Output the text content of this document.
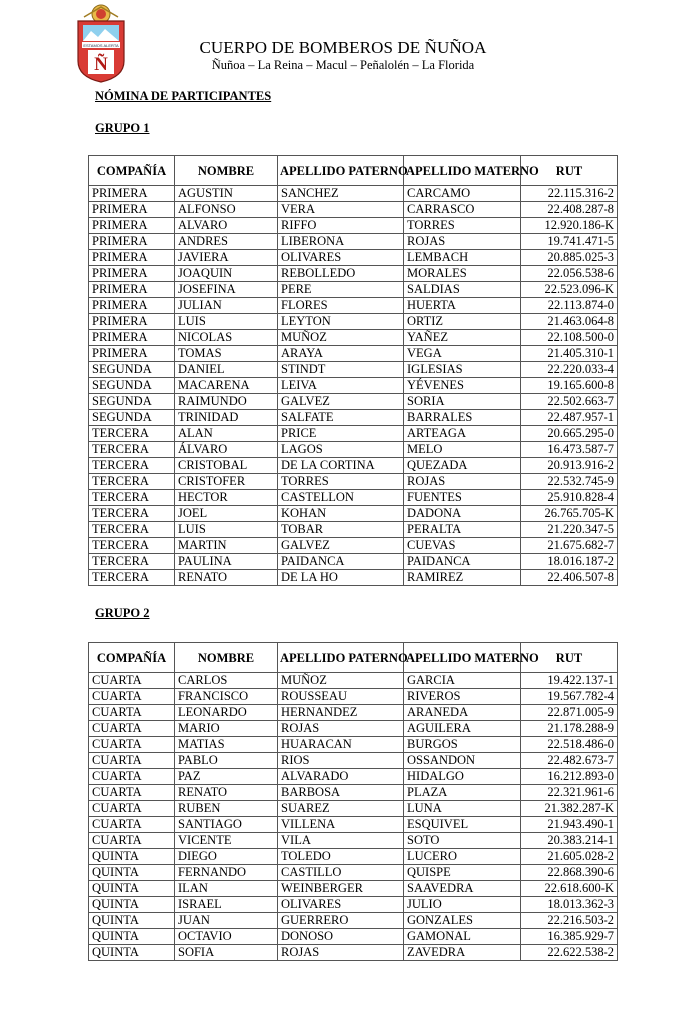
ESTAMOS ALERTA
Ñ
CUERPO DE BOMBEROS DE ÑUÑOA
Ñuñoa – La Reina – Macul – Peñalolén – La Florida
NÓMINA DE PARTICIPANTES
GRUPO 1
COMPAÑÍA	NOMBRE	APELLIDO PATERNO	APELLIDO MATERNO	RUT
PRIMERA	AGUSTIN	SANCHEZ	CARCAMO	22.115.316-2
PRIMERA	ALFONSO	VERA	CARRASCO	22.408.287-8
PRIMERA	ALVARO	RIFFO	TORRES	12.920.186-K
PRIMERA	ANDRES	LIBERONA	ROJAS	19.741.471-5
PRIMERA	JAVIERA	OLIVARES	LEMBACH	20.885.025-3
PRIMERA	JOAQUIN	REBOLLEDO	MORALES	22.056.538-6
PRIMERA	JOSEFINA	PERE	SALDIAS	22.523.096-K
PRIMERA	JULIAN	FLORES	HUERTA	22.113.874-0
PRIMERA	LUIS	LEYTON	ORTIZ	21.463.064-8
PRIMERA	NICOLAS	MUÑOZ	YAÑEZ	22.108.500-0
PRIMERA	TOMAS	ARAYA	VEGA	21.405.310-1
SEGUNDA	DANIEL	STINDT	IGLESIAS	22.220.033-4
SEGUNDA	MACARENA	LEIVA	YÉVENES	19.165.600-8
SEGUNDA	RAIMUNDO	GALVEZ	SORIA	22.502.663-7
SEGUNDA	TRINIDAD	SALFATE	BARRALES	22.487.957-1
TERCERA	ALAN	PRICE	ARTEAGA	20.665.295-0
TERCERA	ÁLVARO	LAGOS	MELO	16.473.587-7
TERCERA	CRISTOBAL	DE LA CORTINA	QUEZADA	20.913.916-2
TERCERA	CRISTOFER	TORRES	ROJAS	22.532.745-9
TERCERA	HECTOR	CASTELLON	FUENTES	25.910.828-4
TERCERA	JOEL	KOHAN	DADONA	26.765.705-K
TERCERA	LUIS	TOBAR	PERALTA	21.220.347-5
TERCERA	MARTIN	GALVEZ	CUEVAS	21.675.682-7
TERCERA	PAULINA	PAIDANCA	PAIDANCA	18.016.187-2
TERCERA	RENATO	DE LA HO	RAMIREZ	22.406.507-8
GRUPO 2
COMPAÑÍA	NOMBRE	APELLIDO PATERNO	APELLIDO MATERNO	RUT
CUARTA	CARLOS	MUÑOZ	GARCIA	19.422.137-1
CUARTA	FRANCISCO	ROUSSEAU	RIVEROS	19.567.782-4
CUARTA	LEONARDO	HERNANDEZ	ARANEDA	22.871.005-9
CUARTA	MARIO	ROJAS	AGUILERA	21.178.288-9
CUARTA	MATIAS	HUARACAN	BURGOS	22.518.486-0
CUARTA	PABLO	RIOS	OSSANDON	22.482.673-7
CUARTA	PAZ	ALVARADO	HIDALGO	16.212.893-0
CUARTA	RENATO	BARBOSA	PLAZA	22.321.961-6
CUARTA	RUBEN	SUAREZ	LUNA	21.382.287-K
CUARTA	SANTIAGO	VILLENA	ESQUIVEL	21.943.490-1
CUARTA	VICENTE	VILA	SOTO	20.383.214-1
QUINTA	DIEGO	TOLEDO	LUCERO	21.605.028-2
QUINTA	FERNANDO	CASTILLO	QUISPE	22.868.390-6
QUINTA	ILAN	WEINBERGER	SAAVEDRA	22.618.600-K
QUINTA	ISRAEL	OLIVARES	JULIO	18.013.362-3
QUINTA	JUAN	GUERRERO	GONZALES	22.216.503-2
QUINTA	OCTAVIO	DONOSO	GAMONAL	16.385.929-7
QUINTA	SOFIA	ROJAS	ZAVEDRA	22.622.538-2
